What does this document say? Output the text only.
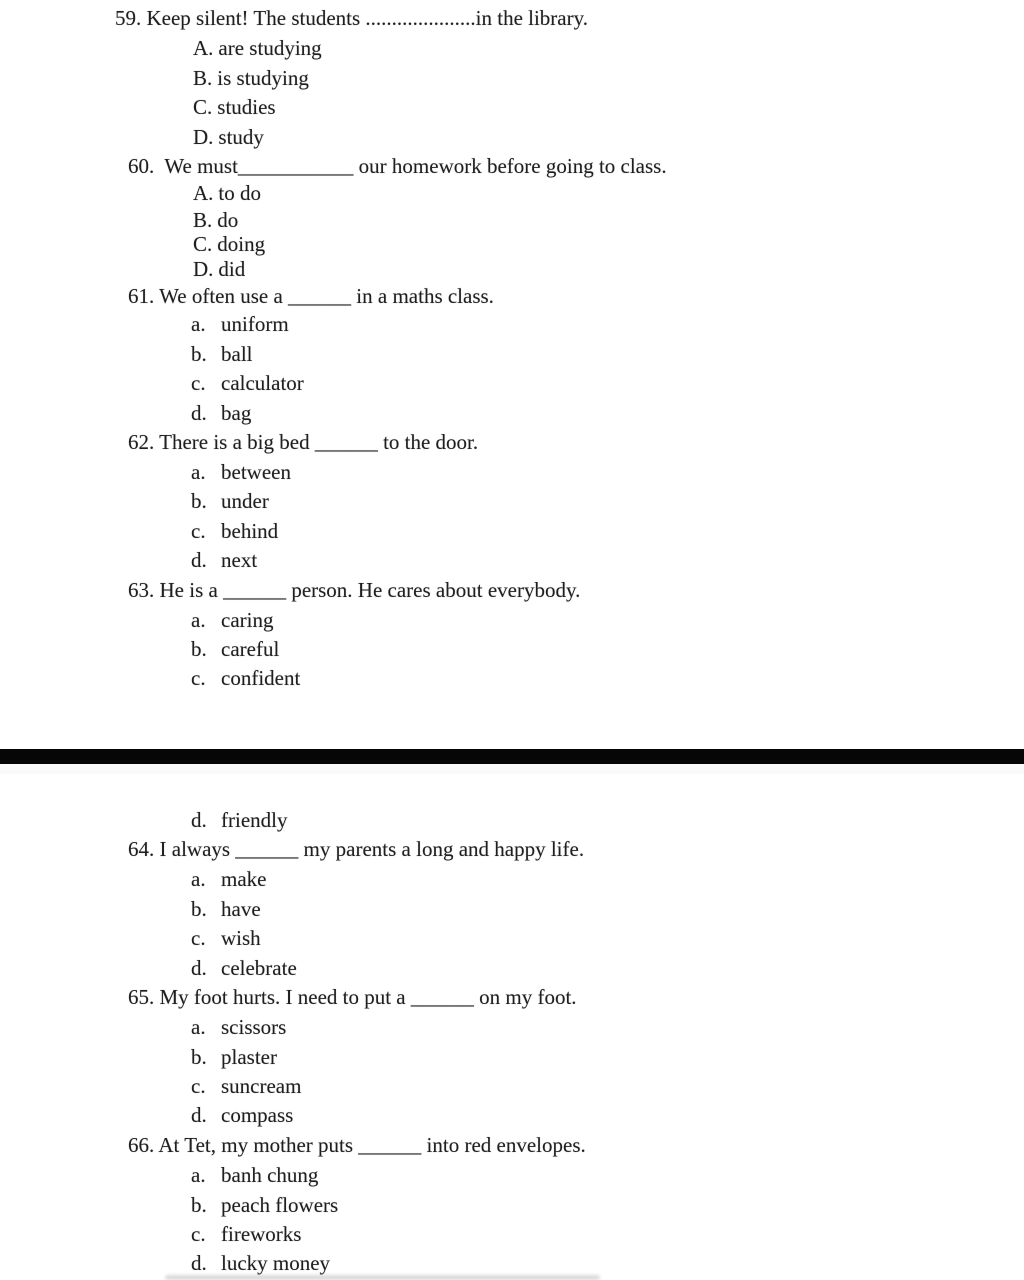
59. Keep silent! The students .....................in the library.
A. are studying
B. is studying
C. studies
D. study
60.  We must___________ our homework before going to class.
A. to do
B. do
C. doing
D. did
61. We often use a ______ in a maths class.
a. uniform
b. ball
c. calculator
d. bag
62. There is a big bed ______ to the door.
a. between
b. under
c. behind
d. next
63. He is a ______ person. He cares about everybody.
a. caring
b. careful
c. confident
d. friendly
64. I always ______ my parents a long and happy life.
a. make
b. have
c. wish
d. celebrate
65. My foot hurts. I need to put a ______ on my foot.
a. scissors
b. plaster
c. suncream
d. compass
66. At Tet, my mother puts ______ into red envelopes.
a. banh chung
b. peach flowers
c. fireworks
d. lucky money
